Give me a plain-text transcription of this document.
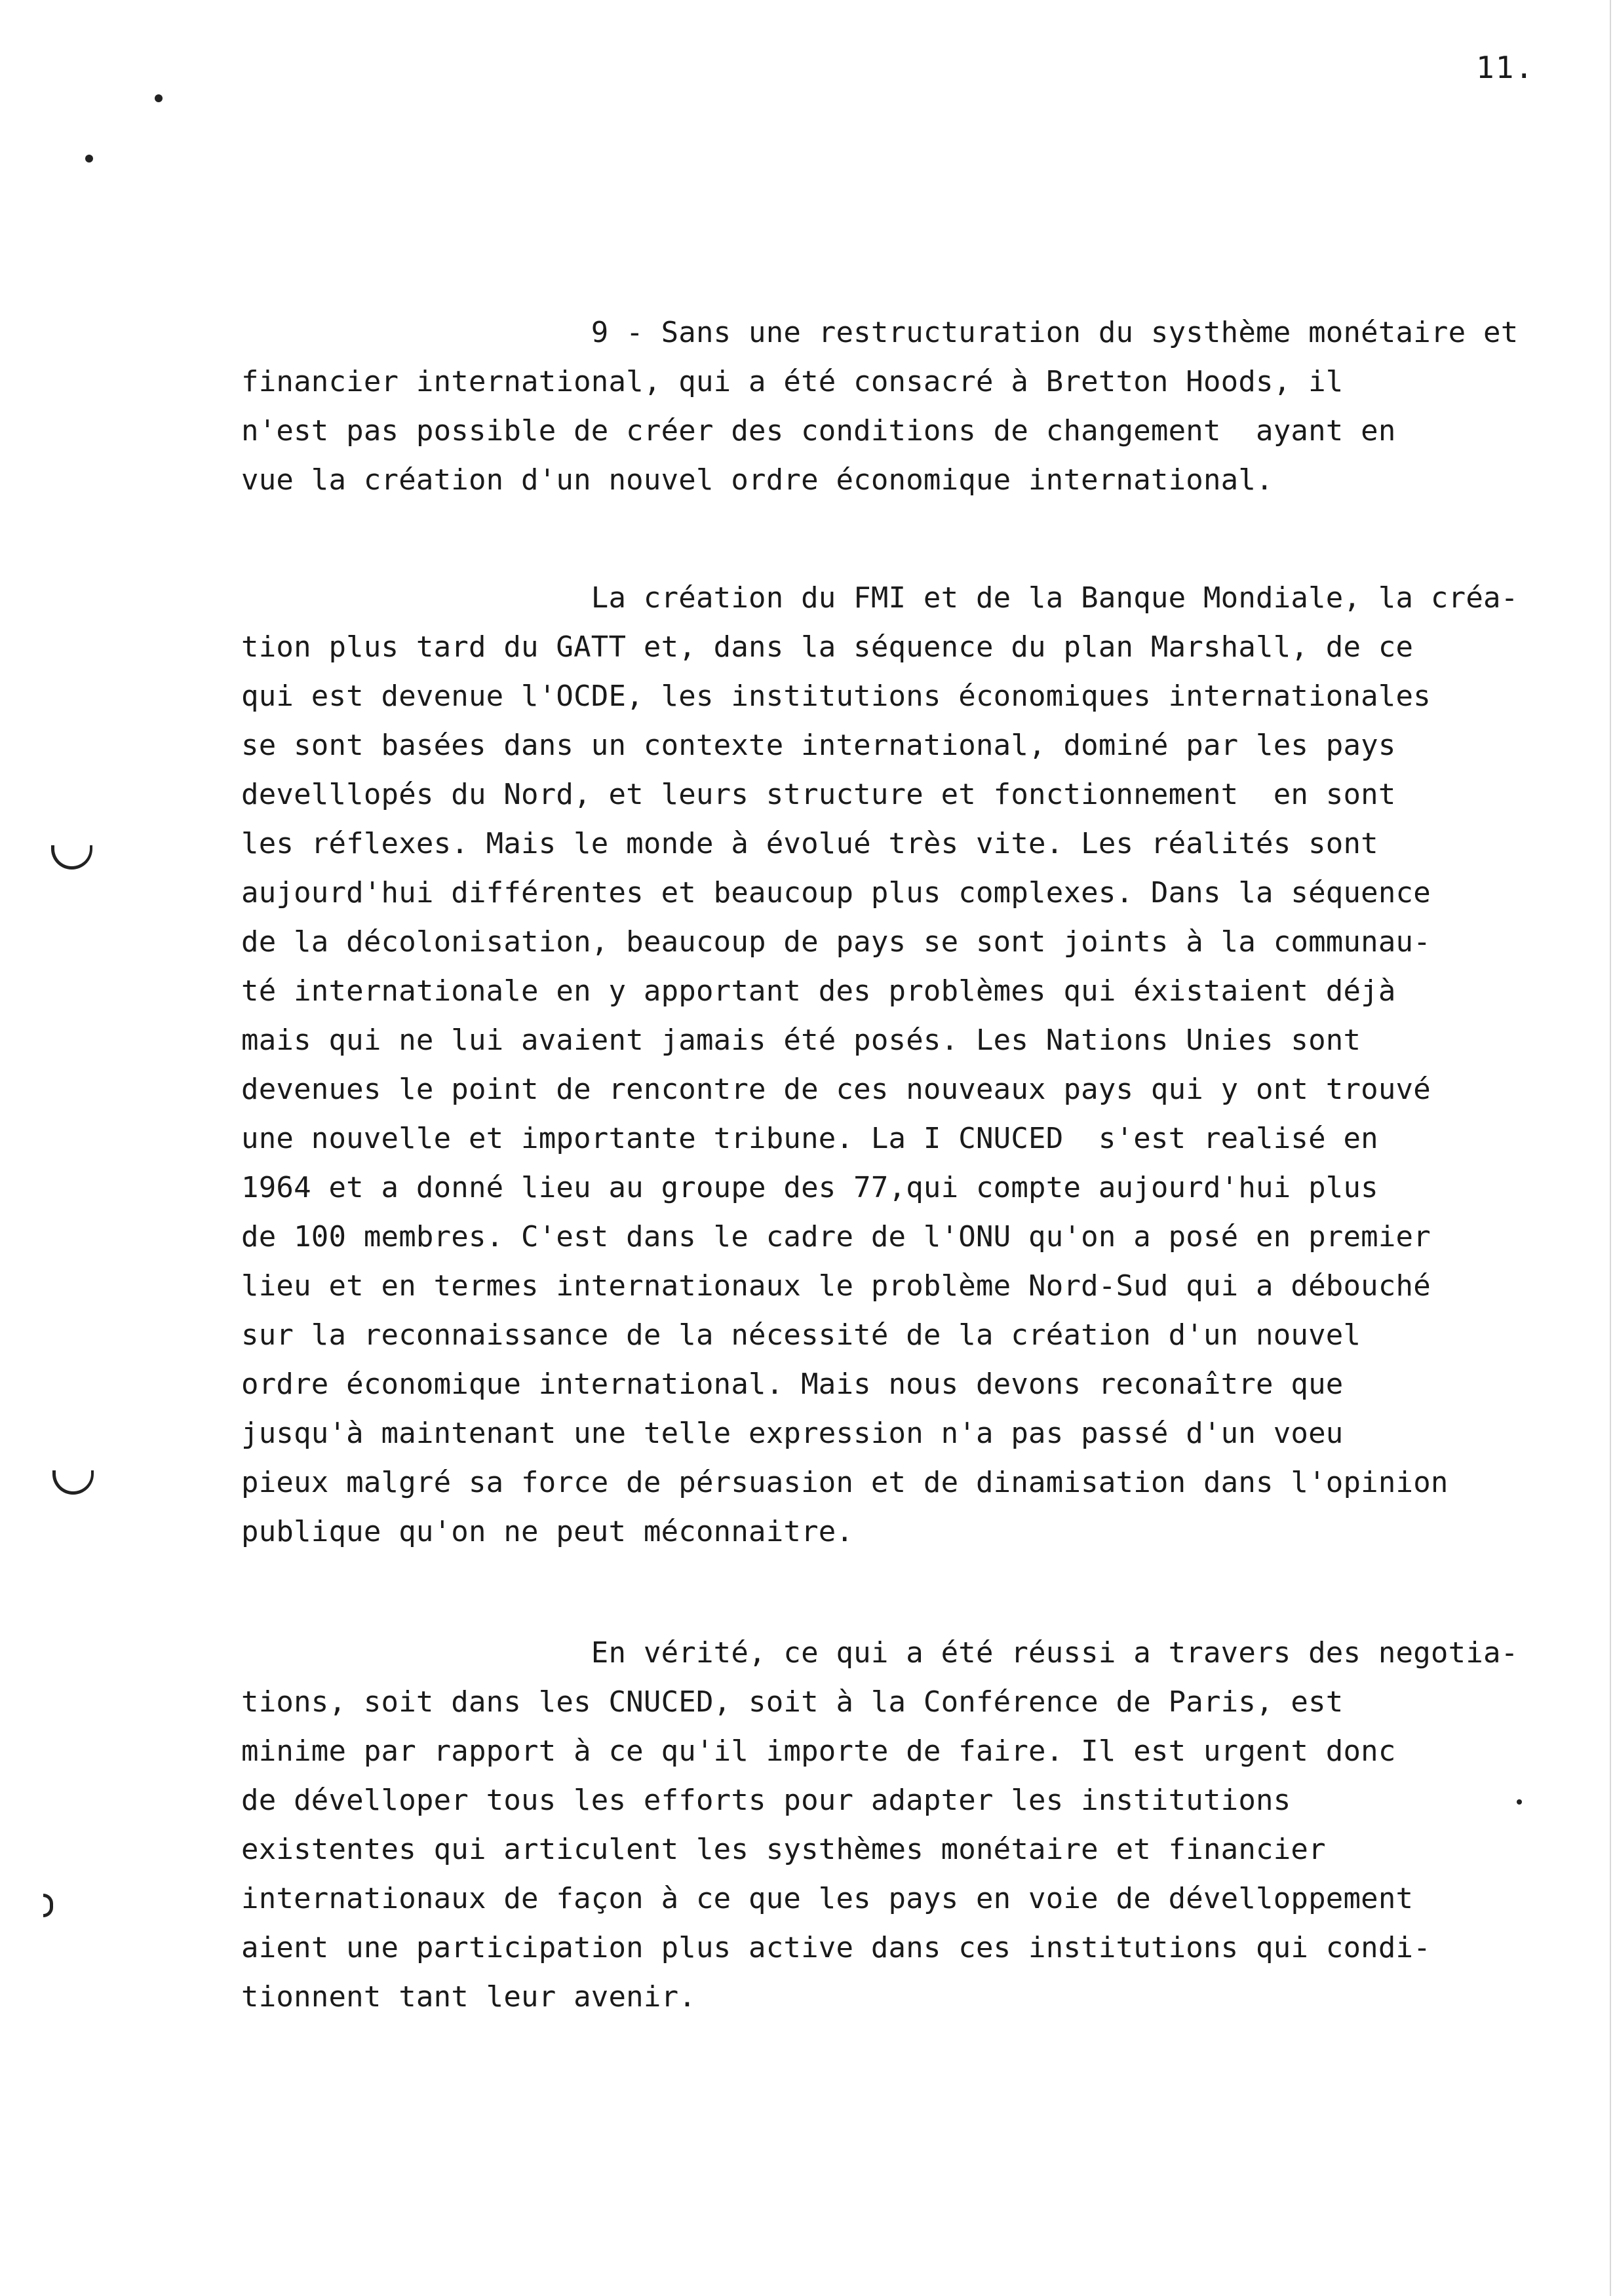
11.
9 - Sans une restructuration du systhème monétaire et
financier international, qui a été consacré à Bretton Hoods, il
n'est pas possible de créer des conditions de changement  ayant en
vue la création d'un nouvel ordre économique international.
La création du FMI et de la Banque Mondiale, la créa-
tion plus tard du GATT et, dans la séquence du plan Marshall, de ce
qui est devenue l'OCDE, les institutions économiques internationales
se sont basées dans un contexte international, dominé par les pays
develllopés du Nord, et leurs structure et fonctionnement  en sont
les réflexes. Mais le monde à évolué très vite. Les réalités sont
aujourd'hui différentes et beaucoup plus complexes. Dans la séquence
de la décolonisation, beaucoup de pays se sont joints à la communau-
té internationale en y apportant des problèmes qui éxistaient déjà
mais qui ne lui avaient jamais été posés. Les Nations Unies sont
devenues le point de rencontre de ces nouveaux pays qui y ont trouvé
une nouvelle et importante tribune. La I CNUCED  s'est realisé en
1964 et a donné lieu au groupe des 77,qui compte aujourd'hui plus
de 100 membres. C'est dans le cadre de l'ONU qu'on a posé en premier
lieu et en termes internationaux le problème Nord-Sud qui a débouché
sur la reconnaissance de la nécessité de la création d'un nouvel
ordre économique international. Mais nous devons reconaître que
jusqu'à maintenant une telle expression n'a pas passé d'un voeu
pieux malgré sa force de pérsuasion et de dinamisation dans l'opinion
publique qu'on ne peut méconnaitre.
En vérité, ce qui a été réussi a travers des negotia-
tions, soit dans les CNUCED, soit à la Conférence de Paris, est
minime par rapport à ce qu'il importe de faire. Il est urgent donc
de dévelloper tous les efforts pour adapter les institutions
existentes qui articulent les systhèmes monétaire et financier
internationaux de façon à ce que les pays en voie de dévelloppement
aient une participation plus active dans ces institutions qui condi-
tionnent tant leur avenir.
